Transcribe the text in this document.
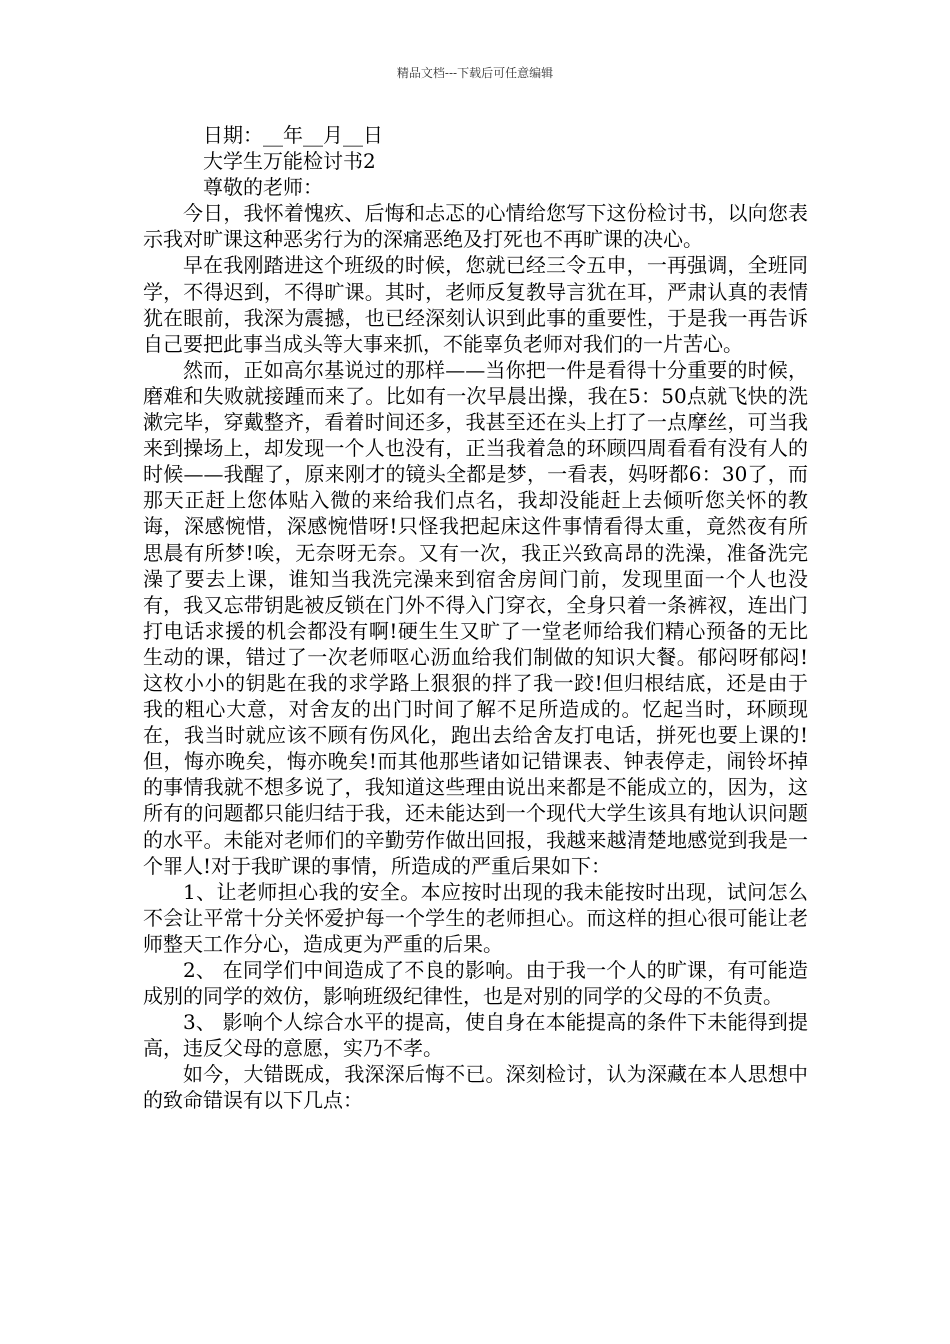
精品文档---下载后可任意编辑

日期：__年__月__日

大学生万能检讨书2

尊敬的老师：

今日，我怀着愧疚、后悔和忐忑的心情给您写下这份检讨书，以向您表示我对旷课这种恶劣行为的深痛恶绝及打死也不再旷课的决心。

早在我刚踏进这个班级的时候，您就已经三令五申，一再强调，全班同学，不得迟到，不得旷课。其时，老师反复教导言犹在耳，严肃认真的表情犹在眼前，我深为震撼，也已经深刻认识到此事的重要性，于是我一再告诉自己要把此事当成头等大事来抓，不能辜负老师对我们的一片苦心。

然而，正如高尔基说过的那样——当你把一件是看得十分重要的时候，磨难和失败就接踵而来了。比如有一次早晨出操，我在5：50点就飞快的洗漱完毕，穿戴整齐，看着时间还多，我甚至还在头上打了一点摩丝，可当我来到操场上，却发现一个人也没有，正当我着急的环顾四周看看有没有人的时候——我醒了，原来刚才的镜头全都是梦，一看表，妈呀都6：30了，而那天正赶上您体贴入微的来给我们点名，我却没能赶上去倾听您关怀的教诲，深感惋惜，深感惋惜呀!只怪我把起床这件事情看得太重，竟然夜有所思晨有所梦!唉，无奈呀无奈。又有一次，我正兴致高昂的洗澡，准备洗完澡了要去上课，谁知当我洗完澡来到宿舍房间门前，发现里面一个人也没有，我又忘带钥匙被反锁在门外不得入门穿衣，全身只着一条裤衩，连出门打电话求援的机会都没有啊!硬生生又旷了一堂老师给我们精心预备的无比生动的课，错过了一次老师呕心沥血给我们制做的知识大餐。郁闷呀郁闷!这枚小小的钥匙在我的求学路上狠狠的拌了我一跤!但归根结底，还是由于我的粗心大意，对舍友的出门时间了解不足所造成的。忆起当时，环顾现在，我当时就应该不顾有伤风化，跑出去给舍友打电话，拼死也要上课的!但，悔亦晚矣，悔亦晚矣!而其他那些诸如记错课表、钟表停走，闹铃坏掉的事情我就不想多说了，我知道这些理由说出来都是不能成立的，因为，这所有的问题都只能归结于我，还未能达到一个现代大学生该具有地认识问题的水平。未能对老师们的辛勤劳作做出回报，我越来越清楚地感觉到我是一个罪人!对于我旷课的事情，所造成的严重后果如下：

1、让老师担心我的安全。本应按时出现的我未能按时出现，试问怎么不会让平常十分关怀爱护每一个学生的老师担心。而这样的担心很可能让老师整天工作分心，造成更为严重的后果。

2、 在同学们中间造成了不良的影响。由于我一个人的旷课，有可能造成别的同学的效仿，影响班级纪律性，也是对别的同学的父母的不负责。

3、 影响个人综合水平的提高，使自身在本能提高的条件下未能得到提高，违反父母的意愿，实乃不孝。

如今，大错既成，我深深后悔不已。深刻检讨，认为深藏在本人思想中的致命错误有以下几点：
